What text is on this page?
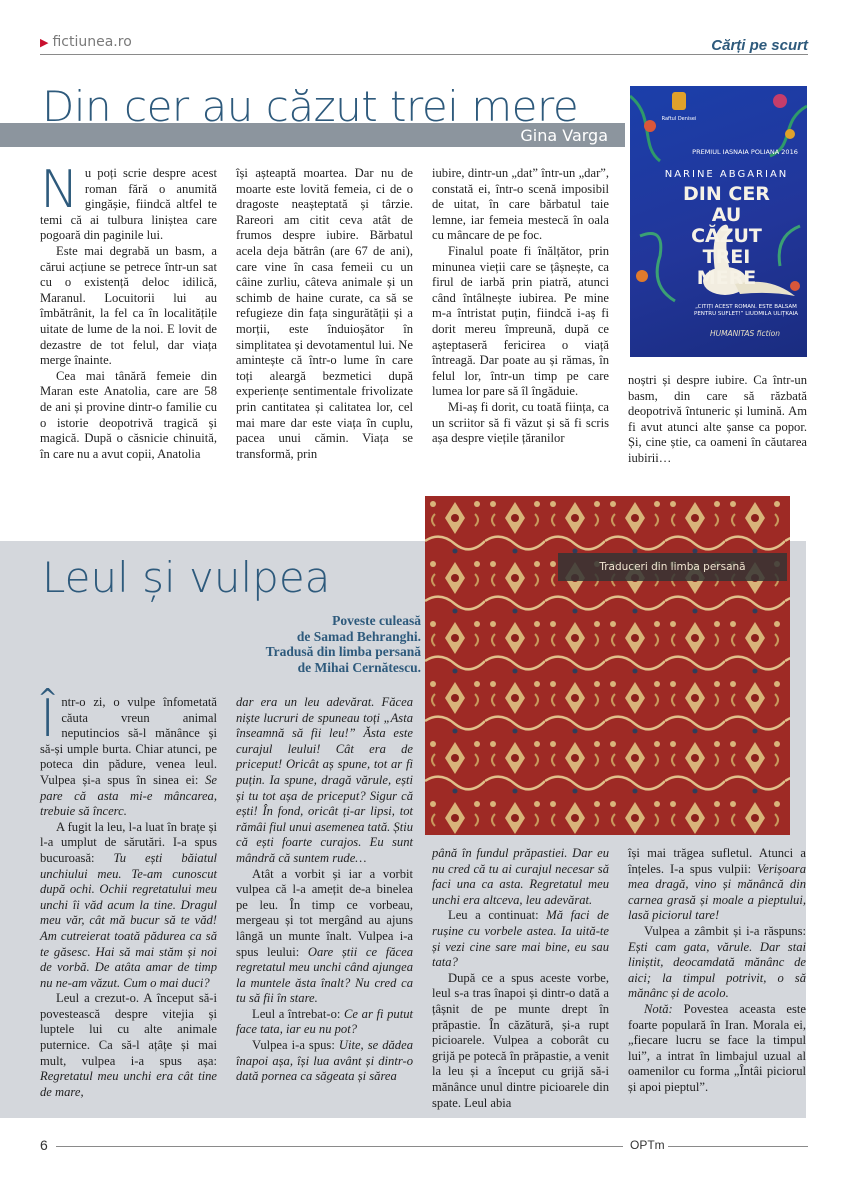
▶ fictiunea.ro	Cărți pe scurt
Din cer au căzut trei mere
Gina Varga
Raftul Denisei
PREMIUL IASNAIA POLIANA 2016
NARINE ABGARIAN
DIN CER
AU
CĂZUT
TREI
MERE
„CITIȚI ACEST ROMAN. ESTE BALSAM PENTRU SUFLET!” LIUDMILA ULIȚKAIA
HUMANITAS fiction

Nu poți scrie despre acest roman fără o anumită gingășie, fiindcă altfel te temi că ai tulbura liniștea care pogoară din paginile lui.

Este mai degrabă un basm, a cărui acțiune se petrece într-un sat cu o existență deloc idilică, Maranul. Locuitorii lui au îmbătrânit, la fel ca în localitățile uitate de lume de la noi. E lovit de dezastre de tot felul, dar viața merge înainte.

Cea mai tânără femeie din Maran este Anatolia, care are 58 de ani și provine dintr-o familie cu o istorie deopotrivă tragică și magică. După o căsnicie chinuită, în care nu a avut copii, Anatolia

își așteaptă moartea. Dar nu de moarte este lovită femeia, ci de o dragoste neașteptată și târzie. Rareori am citit ceva atât de frumos despre iubire. Bărbatul acela deja bătrân (are 67 de ani), care vine în casa femeii cu un câine zurliu, câteva animale și un schimb de haine curate, ca să se refugieze din fața singurătății și a morții, este înduioșător în simplitatea și devotamentul lui. Ne amintește că într-o lume în care toți aleargă bezmetici după experiențe sentimentale frivolizate prin cantitatea și calitatea lor, cel mai mare dar este viața în cuplu, pacea unui cămin. Viața se transformă, prin

iubire, dintr-un „dat” într-un „dar”, constată ei, într-o scenă imposibil de uitat, în care bărbatul taie lemne, iar femeia mestecă în oala cu mâncare de pe foc.

Finalul poate fi înălțător, prin minunea vieții care se țâșnește, ca firul de iarbă prin piatră, atunci când întâlnește iubirea. Pe mine m-a întristat puțin, fiindcă i-aș fi dorit mereu împreună, după ce așteptaseră fericirea o viață întreagă. Dar poate au și rămas, în felul lor, într-un timp pe care lumea lor pare să îl îngăduie.

Mi-aș fi dorit, cu toată ființa, ca un scriitor să fi văzut și să fi scris așa despre viețile țăranilor

noștri și despre iubire. Ca într-un basm, din care să răzbată deopotrivă întuneric și lumină. Am fi avut atunci alte șanse ca popor. Și, cine știe, ca oameni în căutarea iubirii…

Traduceri din limba persană
Leul și vulpea
Poveste culeasă
de Samad Behranghi.
Tradusă din limba persană
de Mihai Cernătescu.

Într-o zi, o vulpe înfometată căuta vreun animal neputincios să-l mănânce și să-și umple burta. Chiar atunci, pe poteca din pădure, venea leul. Vulpea și-a spus în sinea ei: Se pare că asta mi-e mâncarea, trebuie să încerc.

A fugit la leu, l-a luat în brațe și l-a umplut de sărutări. I-a spus bucuroasă: Tu ești băiatul unchiului meu. Te-am cunoscut după ochi. Ochii regretatului meu unchi îi văd acum la tine. Dragul meu văr, cât mă bucur să te văd! Am cutreierat toată pădurea ca să te găsesc. Hai să mai stăm și noi de vorbă. De atâta amar de timp nu ne-am văzut. Cum o mai duci?

Leul a crezut-o. A început să-i povestească despre vitejia și luptele lui cu alte animale puternice. Ca să-l ațâțe și mai mult, vulpea i-a spus așa: Regretatul meu unchi era cât tine de mare,

dar era un leu adevărat. Făcea niște lucruri de spuneau toți „Asta înseamnă să fii leu!” Ăsta este curajul leului! Cât era de priceput! Oricât aș spune, tot ar fi puțin. Ia spune, dragă vărule, ești și tu tot așa de priceput? Sigur că ești! În fond, oricât ți-ar lipsi, tot rămâi fiul unui asemenea tată. Știu că ești foarte curajos. Eu sunt mândră că suntem rude…

Atât a vorbit și iar a vorbit vulpea că l-a amețit de-a binelea pe leu. În timp ce vorbeau, mergeau și tot mergând au ajuns lângă un munte înalt. Vulpea i-a spus leului: Oare știi ce făcea regretatul meu unchi când ajungea la muntele ăsta înalt? Nu cred ca tu să fii în stare.

Leul a întrebat-o: Ce ar fi putut face tata, iar eu nu pot?

Vulpea i-a spus: Uite, se dădea înapoi așa, își lua avânt și dintr-o dată pornea ca săgeata și sărea

până în fundul prăpastiei. Dar eu nu cred că tu ai curajul necesar să faci una ca asta. Regretatul meu unchi era altceva, leu adevărat.

Leu a continuat: Mă faci de rușine cu vorbele astea. Ia uită-te și vezi cine sare mai bine, eu sau tata?

După ce a spus aceste vorbe, leul s-a tras înapoi și dintr-o dată a țâșnit de pe munte drept în prăpastie. În căzătură, și-a rupt picioarele. Vulpea a coborât cu grijă pe potecă în prăpastie, a venit la leu și a început cu grijă să-i mănânce unul dintre picioarele din spate. Leul abia

își mai trăgea sufletul. Atunci a înțeles. I-a spus vulpii: Verișoara mea dragă, vino și mănâncă din carnea grasă și moale a pieptului, lasă piciorul tare!

Vulpea a zâmbit și i-a răspuns: Ești cam gata, vărule. Dar stai liniștit, deocamdată mănânc de aici; la timpul potrivit, o să mănânc și de acolo.

Notă: Povestea aceasta este foarte populară în Iran. Morala ei, „fiecare lucru se face la timpul lui”, a intrat în limbajul uzual al oamenilor cu forma „Întâi piciorul și apoi pieptul”.

6	OPTm
